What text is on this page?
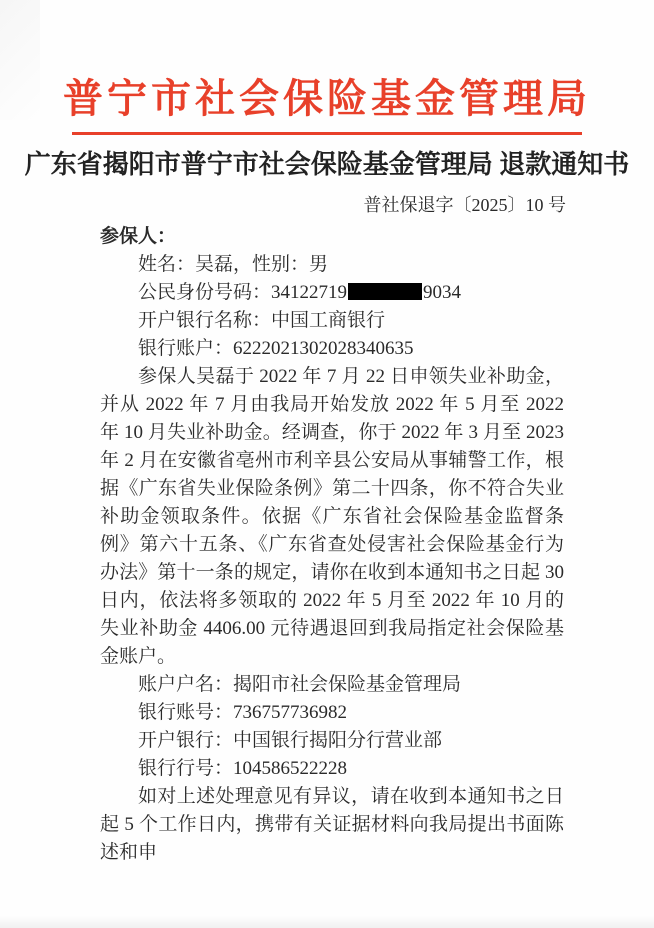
普宁市社会保险基金管理局
广东省揭阳市普宁市社会保险基金管理局 退款通知书
普社保退字〔2025〕10 号
参保人：
姓名：吴磊，性别：男
公民身份号码：34122719	9034
开户银行名称：中国工商银行
银行账户：6222021302028340635

参保人吴磊于 2022 年 7 月 22 日申领失业补助金，并从 2022 年 7 月由我局开始发放 2022 年 5 月至 2022 年 10 月失业补助金。经调查，你于 2022 年 3 月至 2023 年 2 月在安徽省亳州市利辛县公安局从事辅警工作，根据《广东省失业保险条例》第二十四条，你不符合失业补助金领取条件。依据《广东省社会保险基金监督条例》第六十五条、《广东省查处侵害社会保险基金行为办法》第十一条的规定，请你在收到本通知书之日起 30 日内，依法将多领取的 2022 年 5 月至 2022 年 10 月的失业补助金 4406.00 元待遇退回到我局指定社会保险基金账户。

账户户名：揭阳市社会保险基金管理局
银行账号：736757736982
开户银行：中国银行揭阳分行营业部
银行行号：104586522228

如对上述处理意见有异议，请在收到本通知书之日起 5 个工作日内，携带有关证据材料向我局提出书面陈述和申
